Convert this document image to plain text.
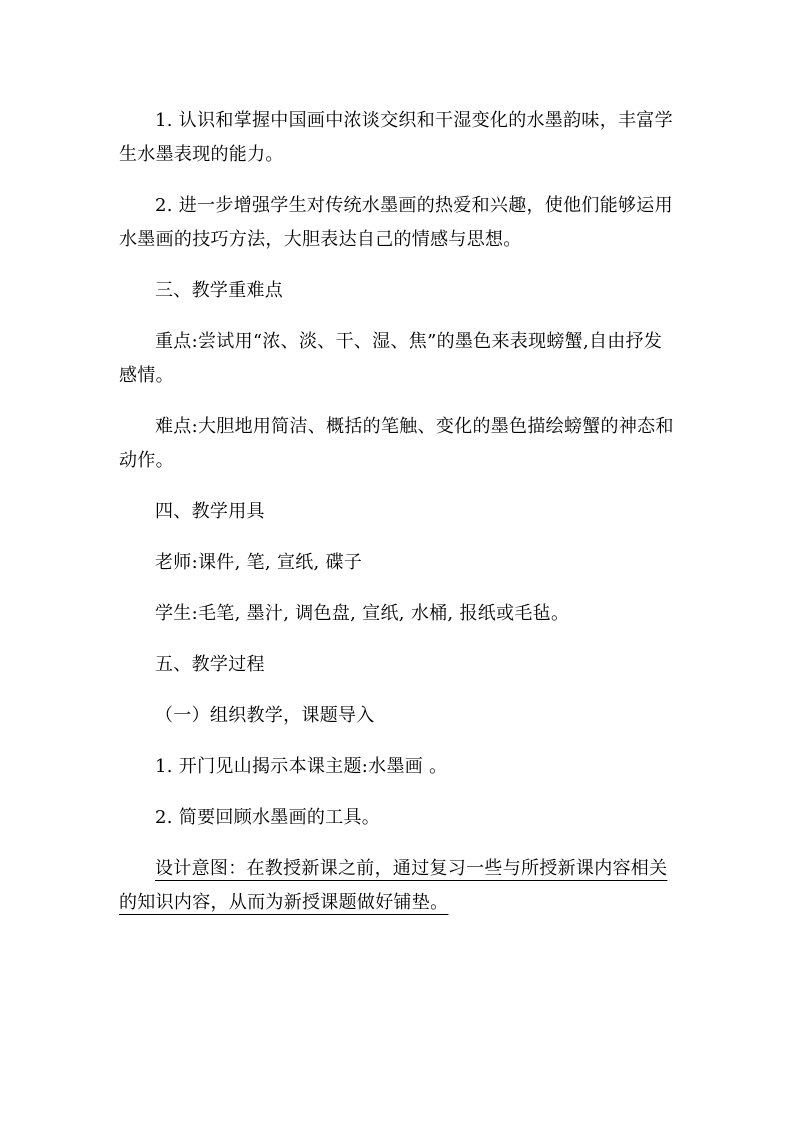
1. 认识和掌握中国画中浓谈交织和干湿变化的水墨韵味，丰富学生水墨表现的能力。

2. 进一步增强学生对传统水墨画的热爱和兴趣，使他们能够运用水墨画的技巧方法，大胆表达自己的情感与思想。

三、教学重难点

重点:尝试用“浓、淡、干、湿、焦”的墨色来表现螃蟹,自由抒发感情。

难点:大胆地用简洁、概括的笔触、变化的墨色描绘螃蟹的神态和动作。

四、教学用具

老师:课件, 笔, 宣纸, 碟子

学生:毛笔, 墨汁, 调色盘, 宣纸, 水桶, 报纸或毛毡。

五、教学过程

（一）组织教学，课题导入

1. 开门见山揭示本课主题:水墨画 。

2. 简要回顾水墨画的工具。

设计意图：在教授新课之前，通过复习一些与所授新课内容相关的知识内容，从而为新授课题做好铺垫。
